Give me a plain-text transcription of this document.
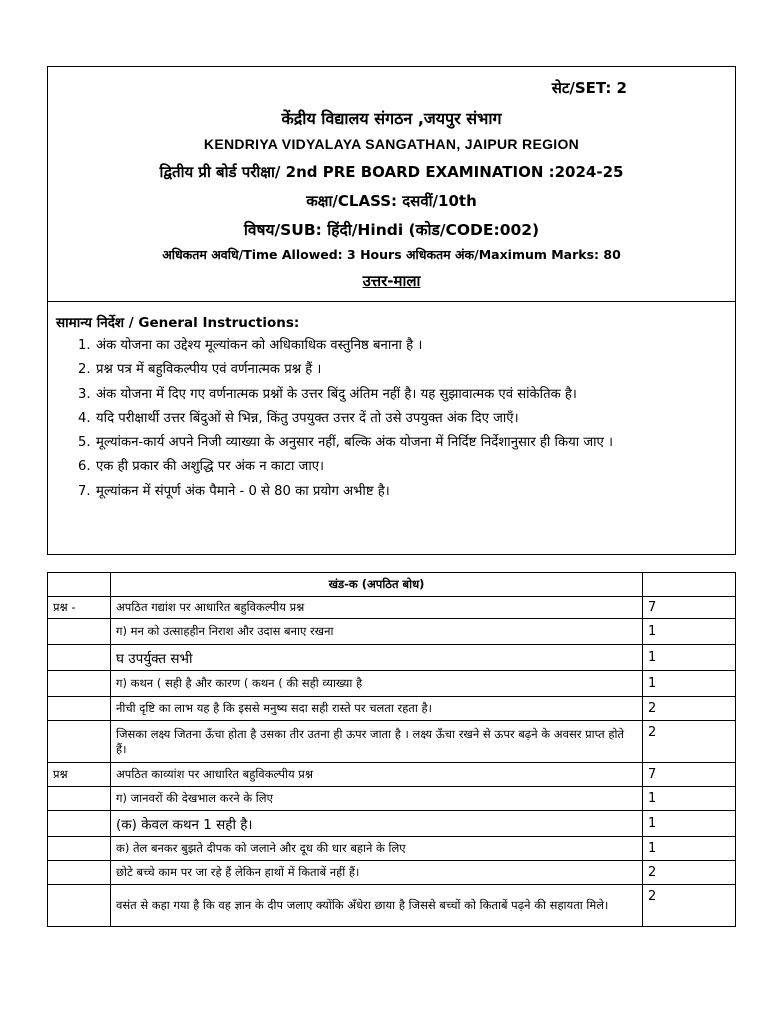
सेट/SET: 2
केंद्रीय विद्यालय संगठन ,जयपुर संभाग
KENDRIYA VIDYALAYA SANGATHAN, JAIPUR REGION
द्वितीय प्री बोर्ड परीक्षा/ 2nd PRE BOARD EXAMINATION :2024-25
कक्षा/CLASS: दसवीं/10th
विषय/SUB: हिंदी/Hindi (कोड/CODE:002)
अधिकतम अवधि/Time Allowed: 3 Hours अधिकतम अंक/Maximum Marks: 80
उत्तर-माला
सामान्य निर्देश / General Instructions:
1. अंक योजना का उद्देश्य मूल्यांकन को अधिकाधिक वस्तुनिष्ठ बनाना है ।
2. प्रश्न पत्र में बहुविकल्पीय एवं वर्णनात्मक प्रश्न हैं ।
3. अंक योजना में दिए गए वर्णनात्मक प्रश्नों के उत्तर बिंदु अंतिम नहीं है। यह सुझावात्मक एवं सांकेतिक है।
4. यदि परीक्षार्थी उत्तर बिंदुओं से भिन्न, किंतु उपयुक्त उत्तर दें तो उसे उपयुक्त अंक दिए जाएँ।
5. मूल्यांकन-कार्य अपने निजी व्याख्या के अनुसार नहीं, बल्कि अंक योजना में निर्दिष्ट निर्देशानुसार ही किया जाए ।
6. एक ही प्रकार की अशुद्धि पर अंक न काटा जाए।
7. मूल्यांकन में संपूर्ण अंक पैमाने - 0 से 80 का प्रयोग अभीष्ट है।
	खंड-क (अपठित बोध)	
प्रश्न -	अपठित गद्यांश पर आधारित बहुविकल्पीय प्रश्न	7
	ग) मन को उत्साहहीन निराश और उदास बनाए रखना	1
	घ उपर्युक्त सभी	1
	ग) कथन ( सही है और कारण ( कथन ( की सही व्याख्या है	1
	नीची दृष्टि का लाभ यह है कि इससे मनुष्य सदा सही रास्ते पर चलता रहता है।	2
	जिसका लक्ष्य जितना ऊँचा होता है उसका तीर उतना ही ऊपर जाता है । लक्ष्य ऊँचा रखने से ऊपर बढ़ने के अवसर प्राप्त होते हैं।	2
प्रश्न	अपठित काव्यांश पर आधारित बहुविकल्पीय प्रश्न	7
	ग) जानवरों की देखभाल करने के लिए	1
	(क) केवल कथन 1 सही है।	1
	क) तेल बनकर बुझते दीपक को जलाने और दूध की धार बहाने के लिए	1
	छोटे बच्चे काम पर जा रहे हैं लेकिन हाथों में किताबें नहीं हैं।	2
	वसंत से कहा गया है कि वह ज्ञान के दीप जलाए क्योंकि अँधेरा छाया है जिससे बच्चों को किताबें पढ़ने की सहायता मिले।	2
